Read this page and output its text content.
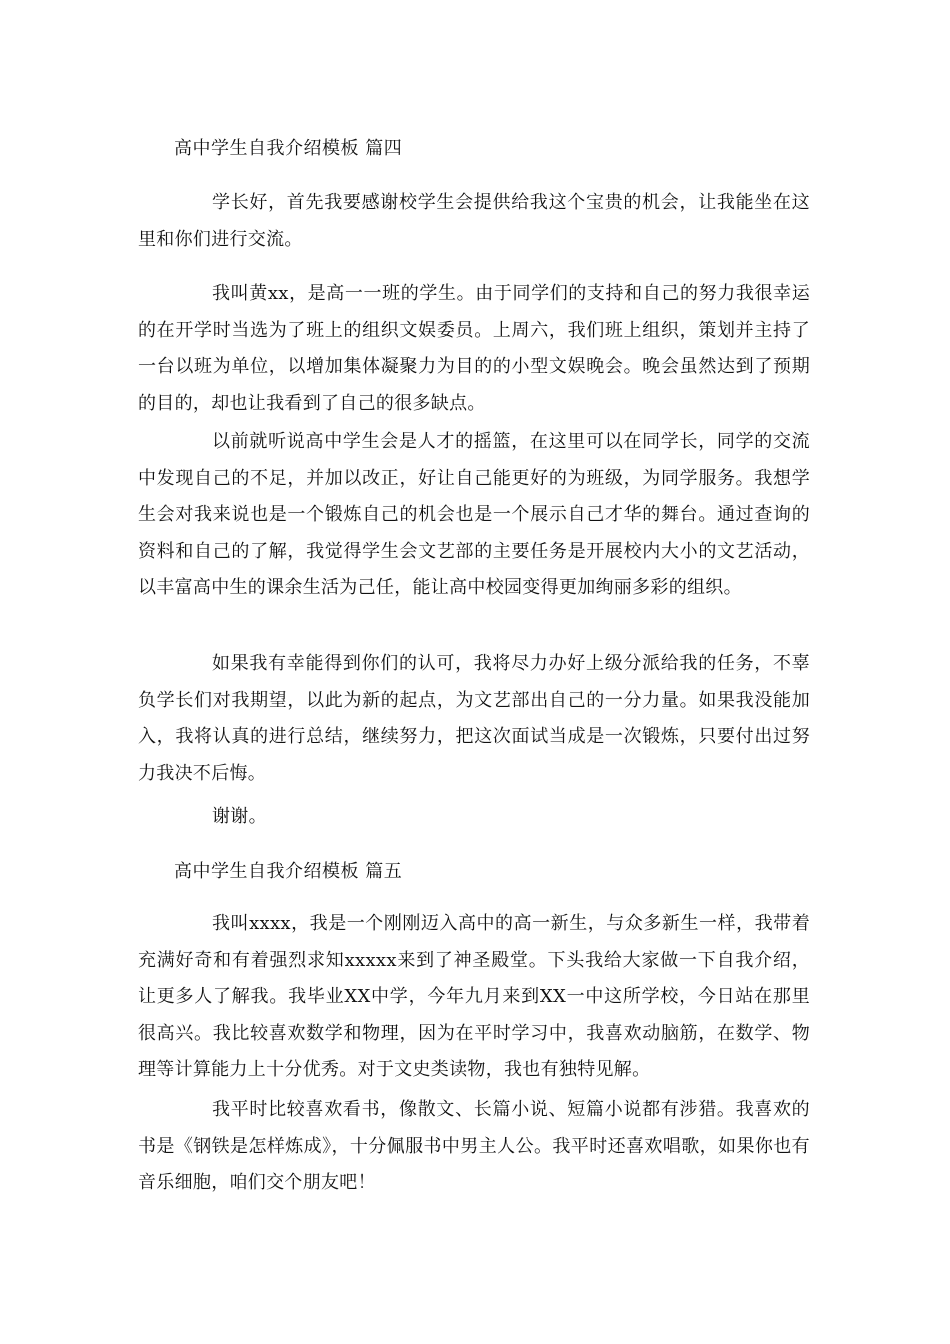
高中学生自我介绍模板 篇四

学长好，首先我要感谢校学生会提供给我这个宝贵的机会，让我能坐在这里和你们进行交流。

我叫黄xx，是高一一班的学生。由于同学们的支持和自己的努力我很幸运的在开学时当选为了班上的组织文娱委员。上周六，我们班上组织，策划并主持了一台以班为单位，以增加集体凝聚力为目的的小型文娱晚会。晚会虽然达到了预期的目的，却也让我看到了自己的很多缺点。

以前就听说高中学生会是人才的摇篮，在这里可以在同学长，同学的交流中发现自己的不足，并加以改正，好让自己能更好的为班级，为同学服务。我想学生会对我来说也是一个锻炼自己的机会也是一个展示自己才华的舞台。通过查询的资料和自己的了解，我觉得学生会文艺部的主要任务是开展校内大小的文艺活动，以丰富高中生的课余生活为己任，能让高中校园变得更加绚丽多彩的组织。

如果我有幸能得到你们的认可，我将尽力办好上级分派给我的任务，不辜负学长们对我期望，以此为新的起点，为文艺部出自己的一分力量。如果我没能加入，我将认真的进行总结，继续努力，把这次面试当成是一次锻炼，只要付出过努力我决不后悔。

谢谢。

高中学生自我介绍模板 篇五

我叫xxxx，我是一个刚刚迈入高中的高一新生，与众多新生一样，我带着充满好奇和有着强烈求知xxxxx来到了神圣殿堂。下头我给大家做一下自我介绍，让更多人了解我。我毕业XX中学，今年九月来到XX一中这所学校，今日站在那里很高兴。我比较喜欢数学和物理，因为在平时学习中，我喜欢动脑筋，在数学、物理等计算能力上十分优秀。对于文史类读物，我也有独特见解。

我平时比较喜欢看书，像散文、长篇小说、短篇小说都有涉猎。我喜欢的书是《钢铁是怎样炼成》，十分佩服书中男主人公。我平时还喜欢唱歌，如果你也有音乐细胞，咱们交个朋友吧！
